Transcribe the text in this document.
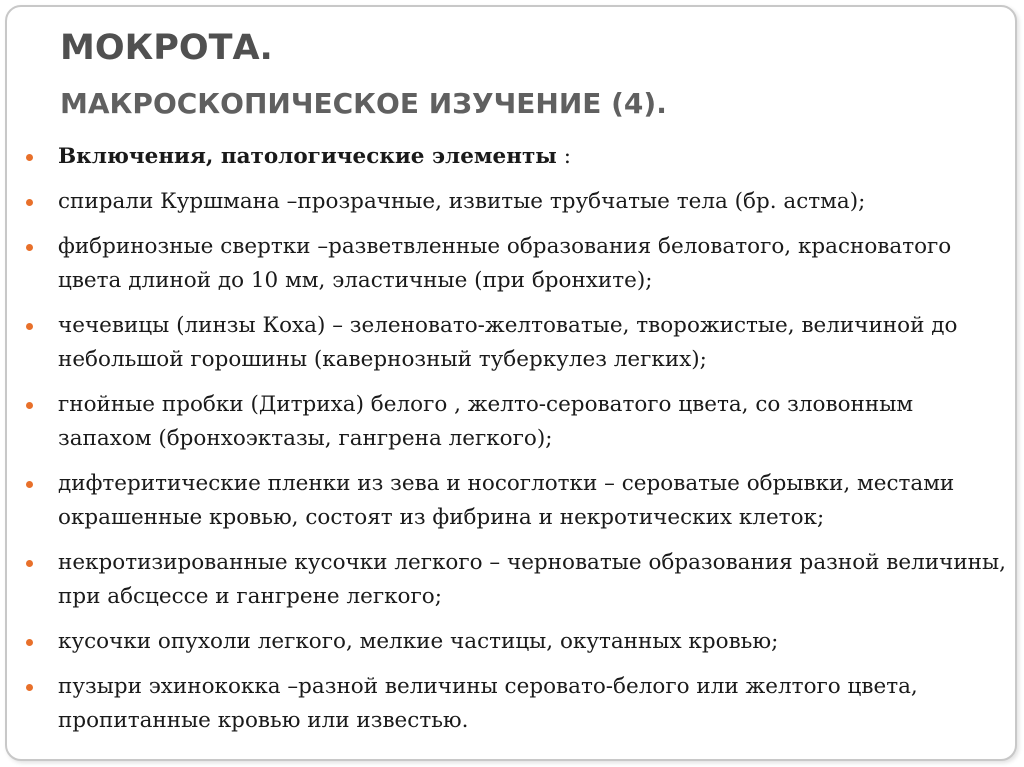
МОКРОТА.
МАКРОСКОПИЧЕСКОЕ ИЗУЧЕНИЕ (4).
Включения, патологические элементы :
спирали Куршмана –прозрачные, извитые трубчатые тела (бр. астма);
фибринозные свертки –разветвленные образования беловатого, красноватого цвета длиной до 10 мм, эластичные (при бронхите);
чечевицы (линзы Коха) – зеленовато-желтоватые, творожистые, величиной до небольшой горошины (кавернозный туберкулез легких);
гнойные пробки (Дитриха) белого , желто-сероватого цвета, со зловонным запахом (бронхоэктазы, гангрена легкого);
дифтеритические пленки из зева и носоглотки – сероватые обрывки, местами окрашенные кровью, состоят из фибрина и некротических клеток;
некротизированные кусочки легкого – черноватые образования разной величины, при абсцессе и гангрене легкого;
кусочки опухоли легкого, мелкие частицы, окутанных кровью;
пузыри эхинококка –разной величины серовато-белого или желтого цвета, пропитанные кровью или известью.
